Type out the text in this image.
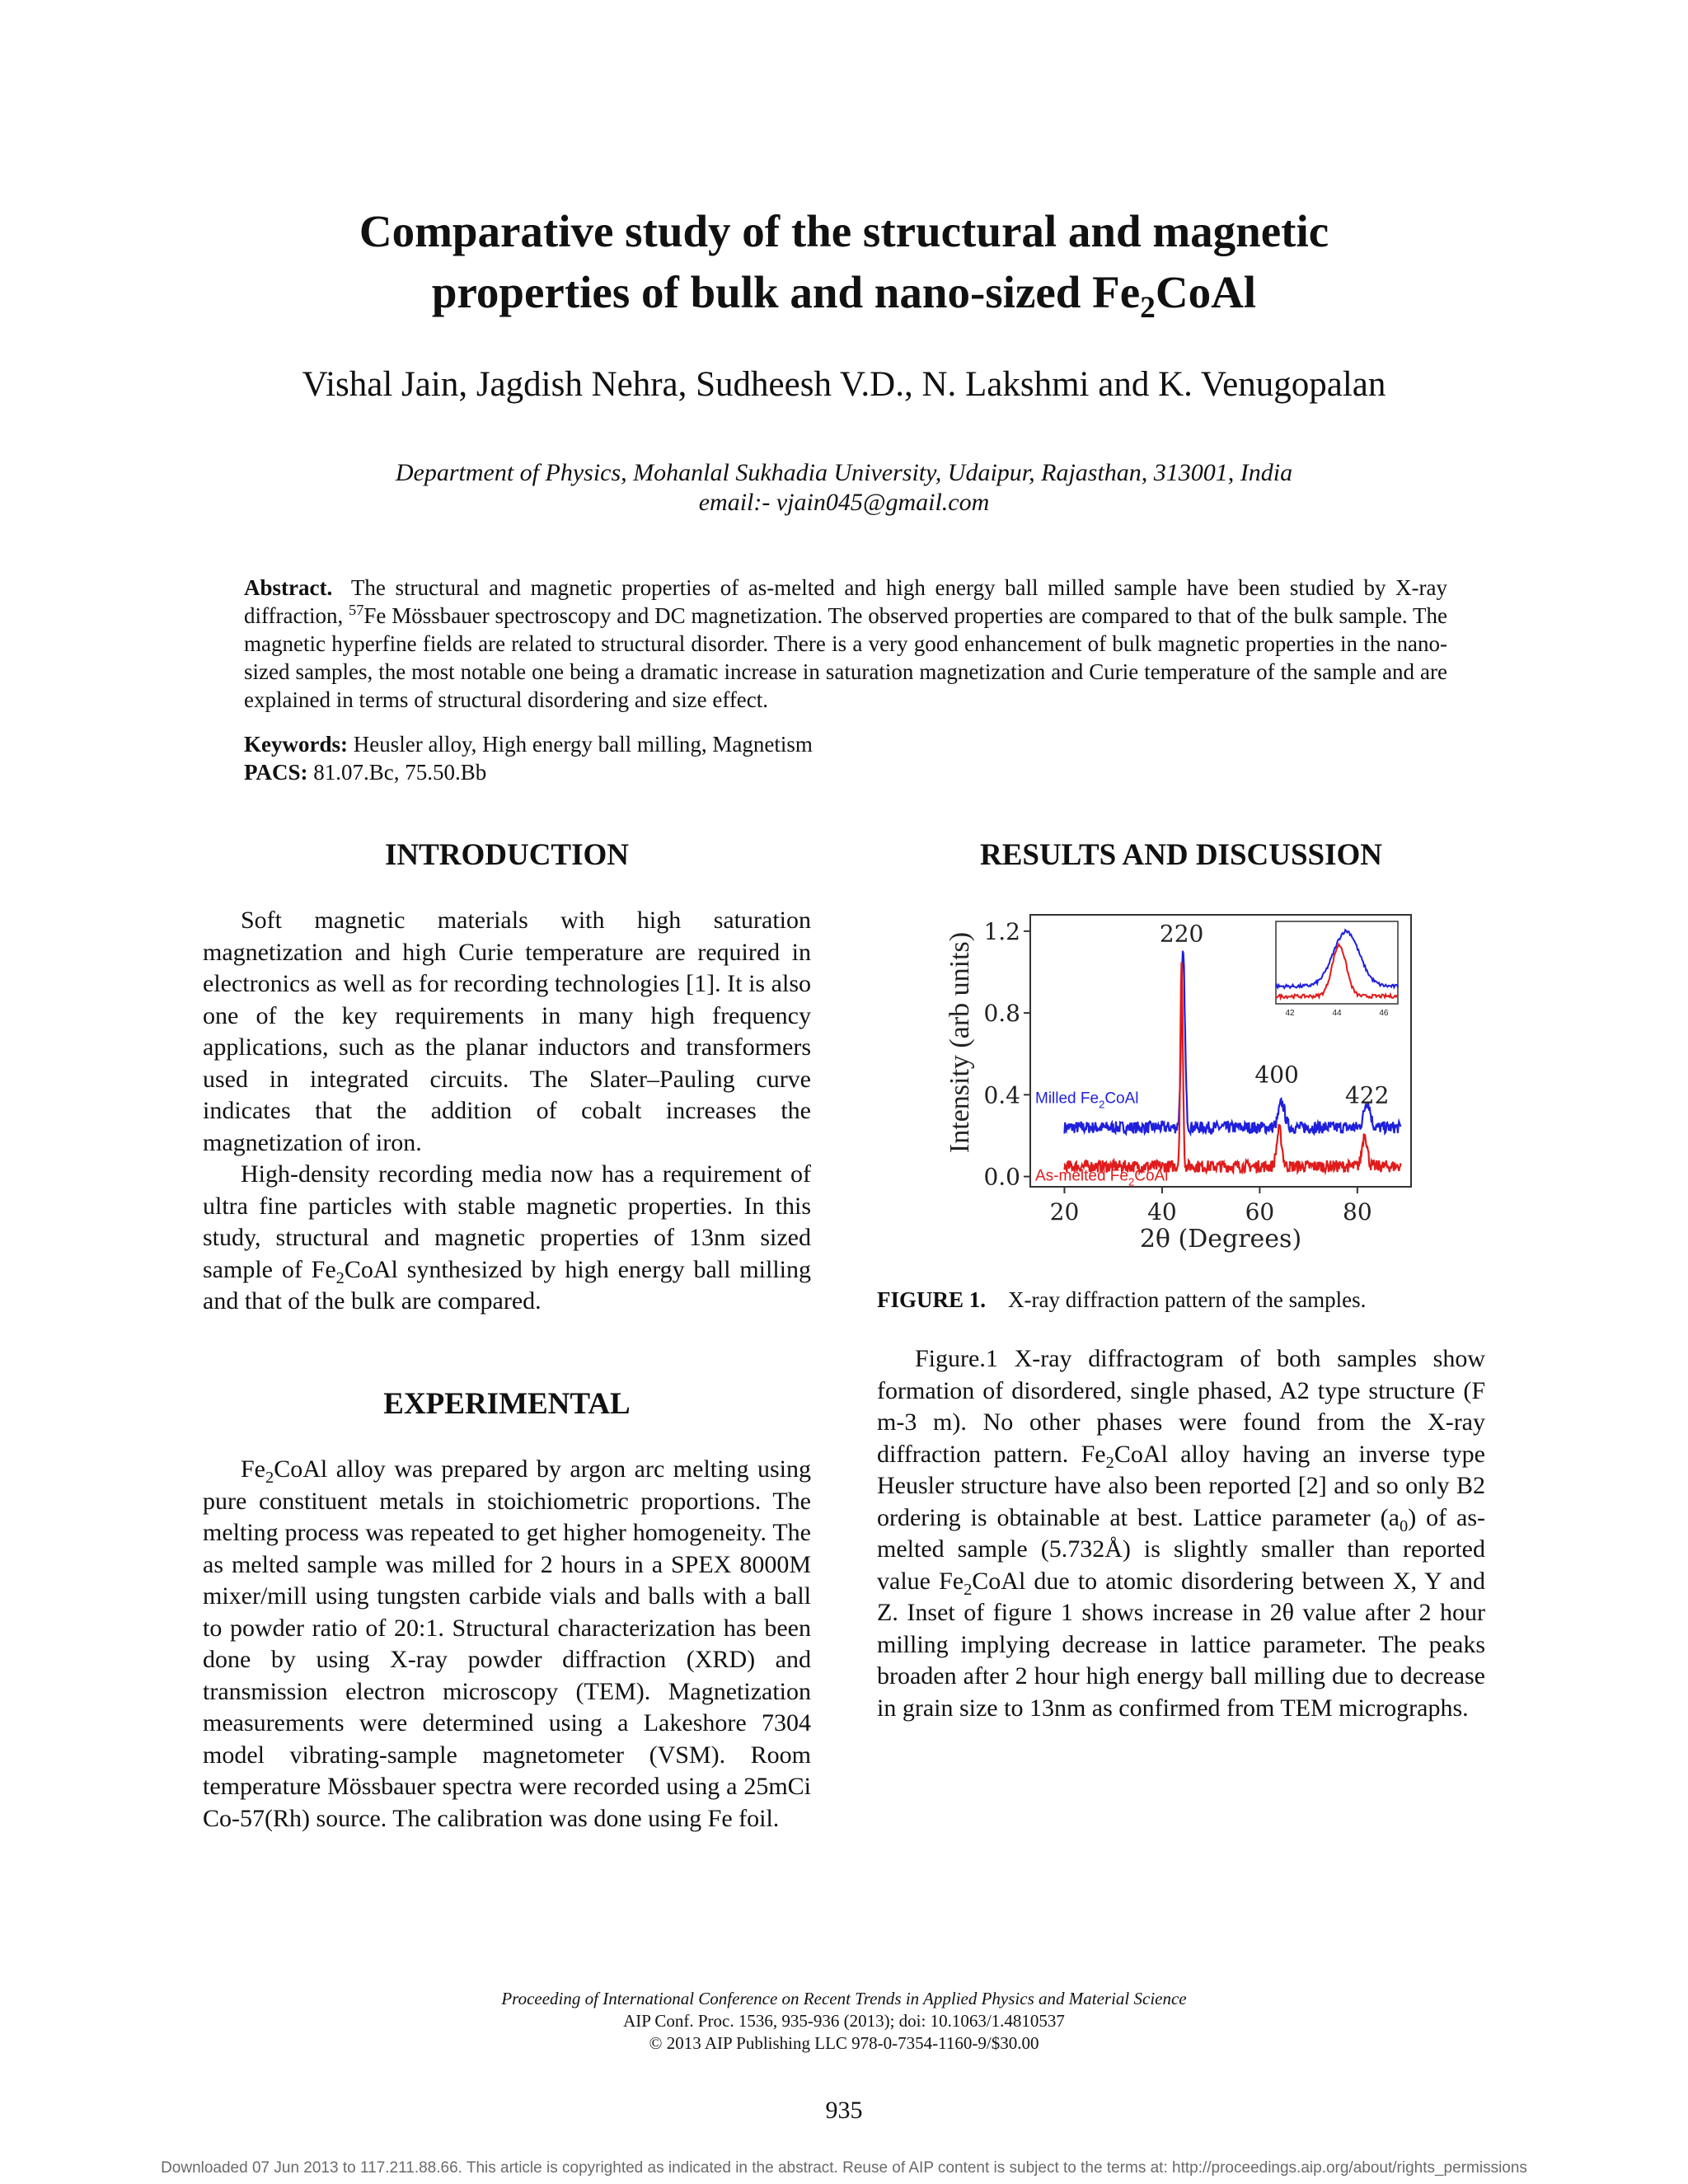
Comparative study of the structural and magnetic
properties of bulk and nano-sized $Fe_2CoAl$
Vishal Jain, Jagdish Nehra, Sudheesh V.D., N. Lakshmi and K. Venugopalan
Department of Physics, Mohanlal Sukhadia University, Udaipur, Rajasthan, 313001, India
email:- vjain045@gmail.com
Abstract. The structural and magnetic properties of as-melted and high energy ball milled sample have been studied by X-ray diffraction, $^{57}$Fe Mössbauer spectroscopy and DC magnetization. The observed properties are compared to that of the bulk sample. The magnetic hyperfine fields are related to structural disorder. There is a very good enhancement of bulk magnetic properties in the nano-sized samples, the most notable one being a dramatic increase in saturation magnetization and Curie temperature of the sample and are explained in terms of structural disordering and size effect.
Keywords: Heusler alloy, High energy ball milling, Magnetism
PACS: 81.07.Bc, 75.50.Bb
INTRODUCTION

Soft magnetic materials with high saturation magnetization and high Curie temperature are required in electronics as well as for recording technologies [1]. It is also one of the key requirements in many high frequency applications, such as the planar inductors and transformers used in integrated circuits. The Slater–Pauling curve indicates that the addition of cobalt increases the magnetization of iron.

High-density recording media now has a requirement of ultra fine particles with stable magnetic properties. In this study, structural and magnetic properties of 13nm sized sample of $Fe_2CoAl$ synthesized by high energy ball milling and that of the bulk are compared.

EXPERIMENTAL

$Fe_2CoAl$ alloy was prepared by argon arc melting using pure constituent metals in stoichiometric proportions. The melting process was repeated to get higher homogeneity. The as melted sample was milled for 2 hours in a SPEX 8000M mixer/mill using tungsten carbide vials and balls with a ball to powder ratio of 20:1. Structural characterization has been done by using X-ray powder diffraction (XRD) and transmission electron microscopy (TEM). Magnetization measurements were determined using a Lakeshore 7304 model vibrating-sample magnetometer (VSM). Room temperature Mössbauer spectra were recorded using a 25mCi Co-57(Rh) source. The calibration was done using Fe foil.

RESULTS AND DISCUSSION
Intensity (arb units)
0.0
0.4
0.8
1.2
20	40	60	80
220
400
422
Milled $Fe_2CoAl$
As-melted $Fe_2CoAl$
42	44	46
2θ (Degrees)
FIGURE 1. X-ray diffraction pattern of the samples.

Figure.1 X-ray diffractogram of both samples show formation of disordered, single phased, A2 type structure (F m-3 m). No other phases were found from the X-ray diffraction pattern. $Fe_2CoAl$ alloy having an inverse type Heusler structure have also been reported [2] and so only B2 ordering is obtainable at best. Lattice parameter $(a_0)$ of as-melted sample (5.732Å) is slightly smaller than reported value $Fe_2CoAl$ due to atomic disordering between X, Y and Z. Inset of figure 1 shows increase in 2θ value after 2 hour milling implying decrease in lattice parameter. The peaks broaden after 2 hour high energy ball milling due to decrease in grain size to 13nm as confirmed from TEM micrographs.

Proceeding of International Conference on Recent Trends in Applied Physics and Material Science
AIP Conf. Proc. 1536, 935-936 (2013); doi: 10.1063/1.4810537
© 2013 AIP Publishing LLC 978-0-7354-1160-9/$30.00
935
Downloaded 07 Jun 2013 to 117.211.88.66. This article is copyrighted as indicated in the abstract. Reuse of AIP content is subject to the terms at: http://proceedings.aip.org/about/rights_permissions
